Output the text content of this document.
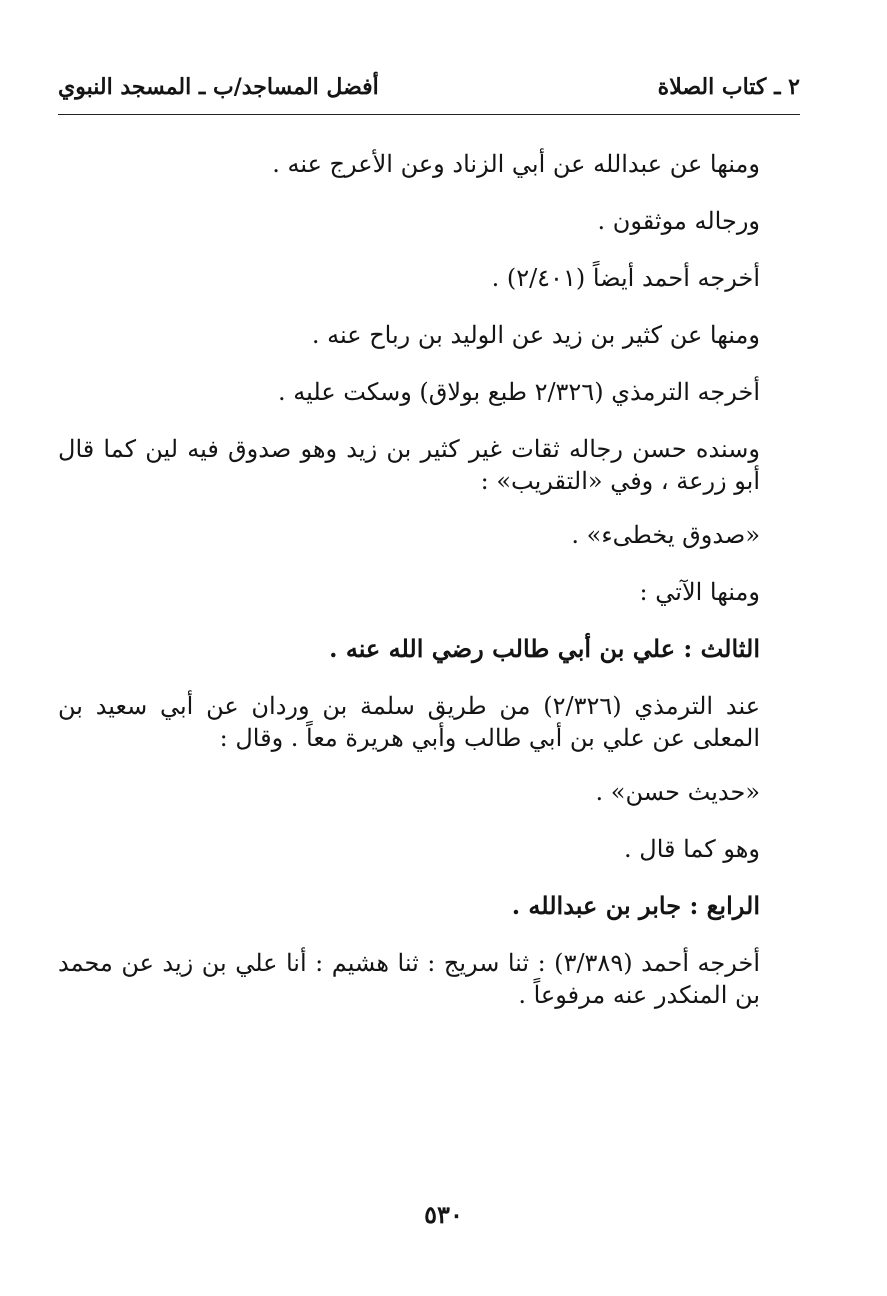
٢ ـ كتاب الصلاة
أفضل المساجد/ب ـ المسجد النبوي

ومنها عن عبدالله عن أبي الزناد وعن الأعرج عنه .

ورجاله موثقون .

أخرجه أحمد أيضاً (٢/٤٠١) .

ومنها عن كثير بن زيد عن الوليد بن رباح عنه .

أخرجه الترمذي (٢/٣٢٦ طبع بولاق) وسكت عليه .

وسنده حسن رجاله ثقات غير كثير بن زيد وهو صدوق فيه لين كما قال أبو زرعة ، وفي «التقريب» :

«صدوق يخطىء» .

ومنها الآتي :

الثالث : علي بن أبي طالب رضي الله عنه .

عند الترمذي (٢/٣٢٦) من طريق سلمة بن وردان عن أبي سعيد بن المعلى عن علي بن أبي طالب وأبي هريرة معاً . وقال :

«حديث حسن» .

وهو كما قال .

الرابع : جابر بن عبدالله .

أخرجه أحمد (٣/٣٨٩) : ثنا سريج : ثنا هشيم : أنا علي بن زيد عن محمد بن المنكدر عنه مرفوعاً .

٥٣٠
